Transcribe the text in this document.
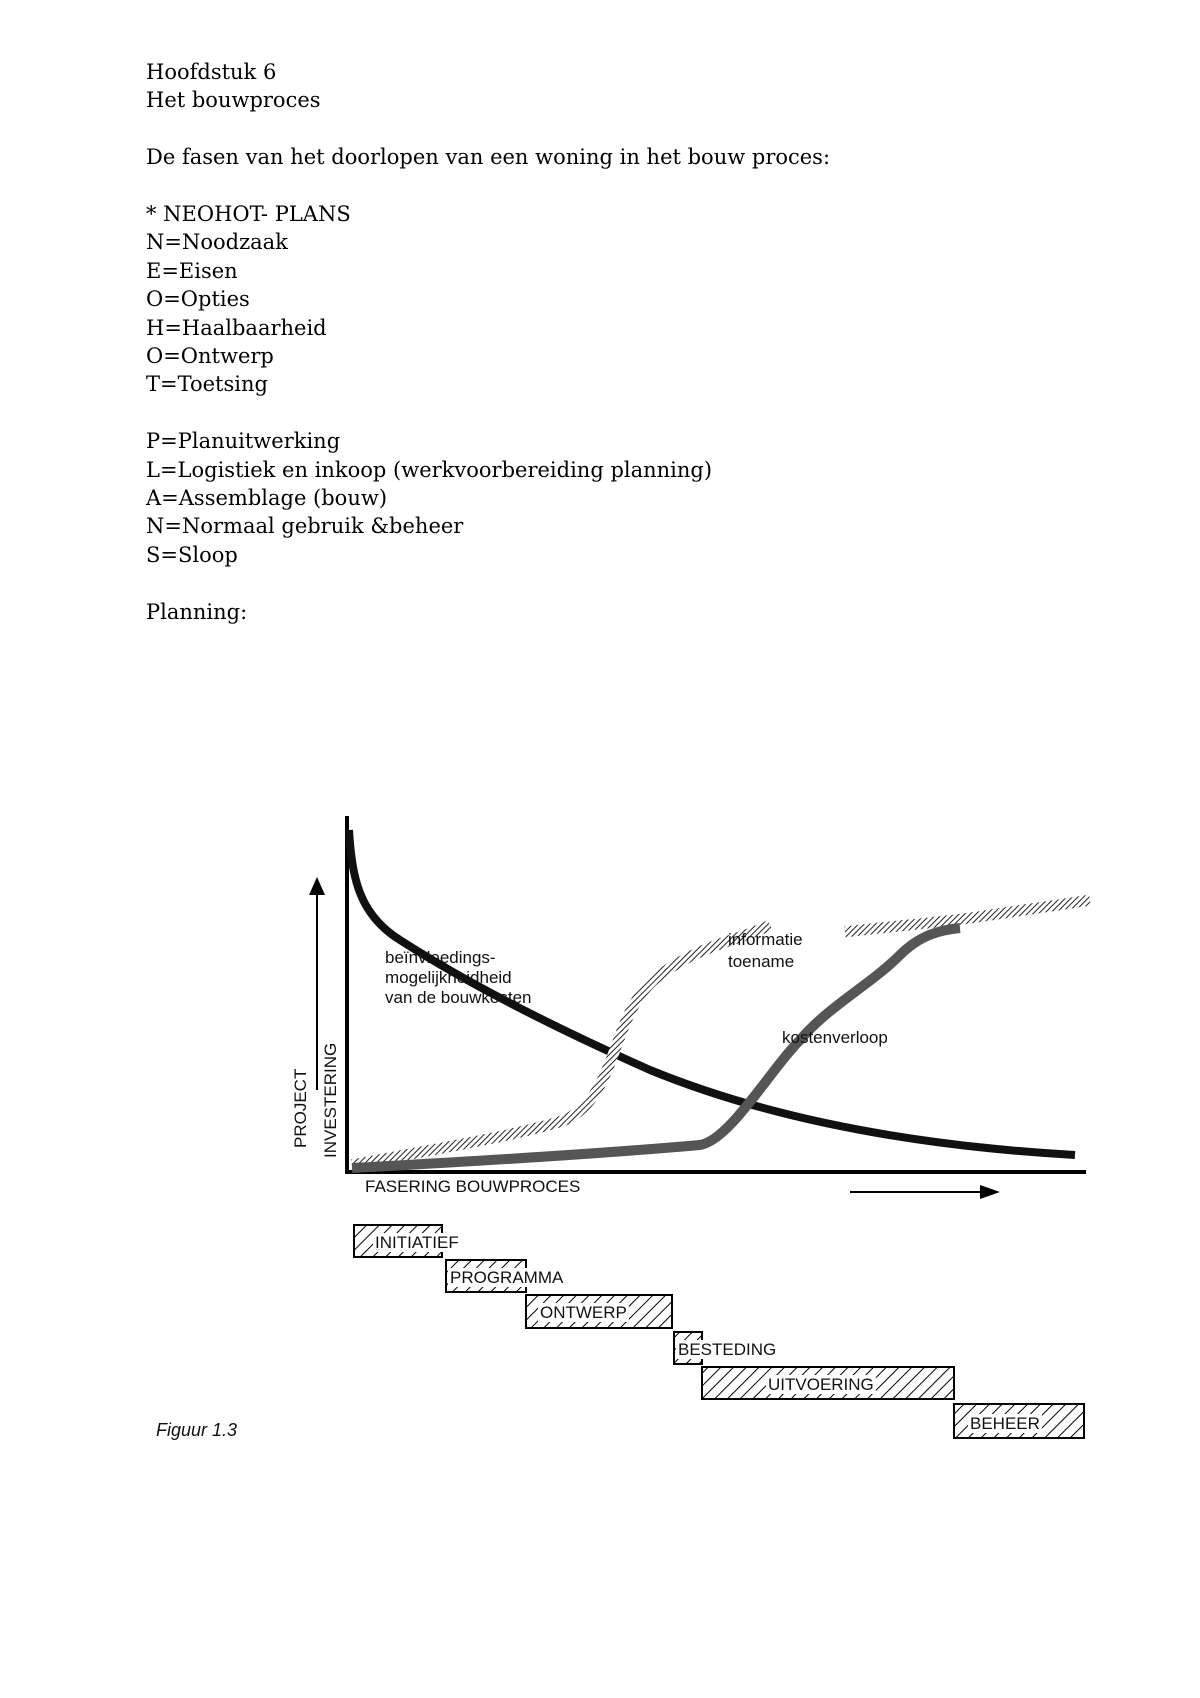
Hoofdstuk 6
Het bouwproces
De fasen van het doorlopen van een woning in het bouw proces:
* NEOHOT- PLANS
N=Noodzaak
E=Eisen
O=Opties
H=Haalbaarheid
O=Ontwerp
T=Toetsing
P=Planuitwerking
L=Logistiek en inkoop (werkvoorbereiding planning)
A=Assemblage (bouw)
N=Normaal gebruik &beheer
S=Sloop
Planning:
PROJECT INVESTERING
FASERING BOUWPROCES
beïnvloedings-
mogelijkheidheid
van de bouwkosten
informatie
toename
kostenverloop
INITIATIEF
PROGRAMMA
ONTWERP
BESTEDING
UITVOERING
BEHEER
Figuur 1.3
